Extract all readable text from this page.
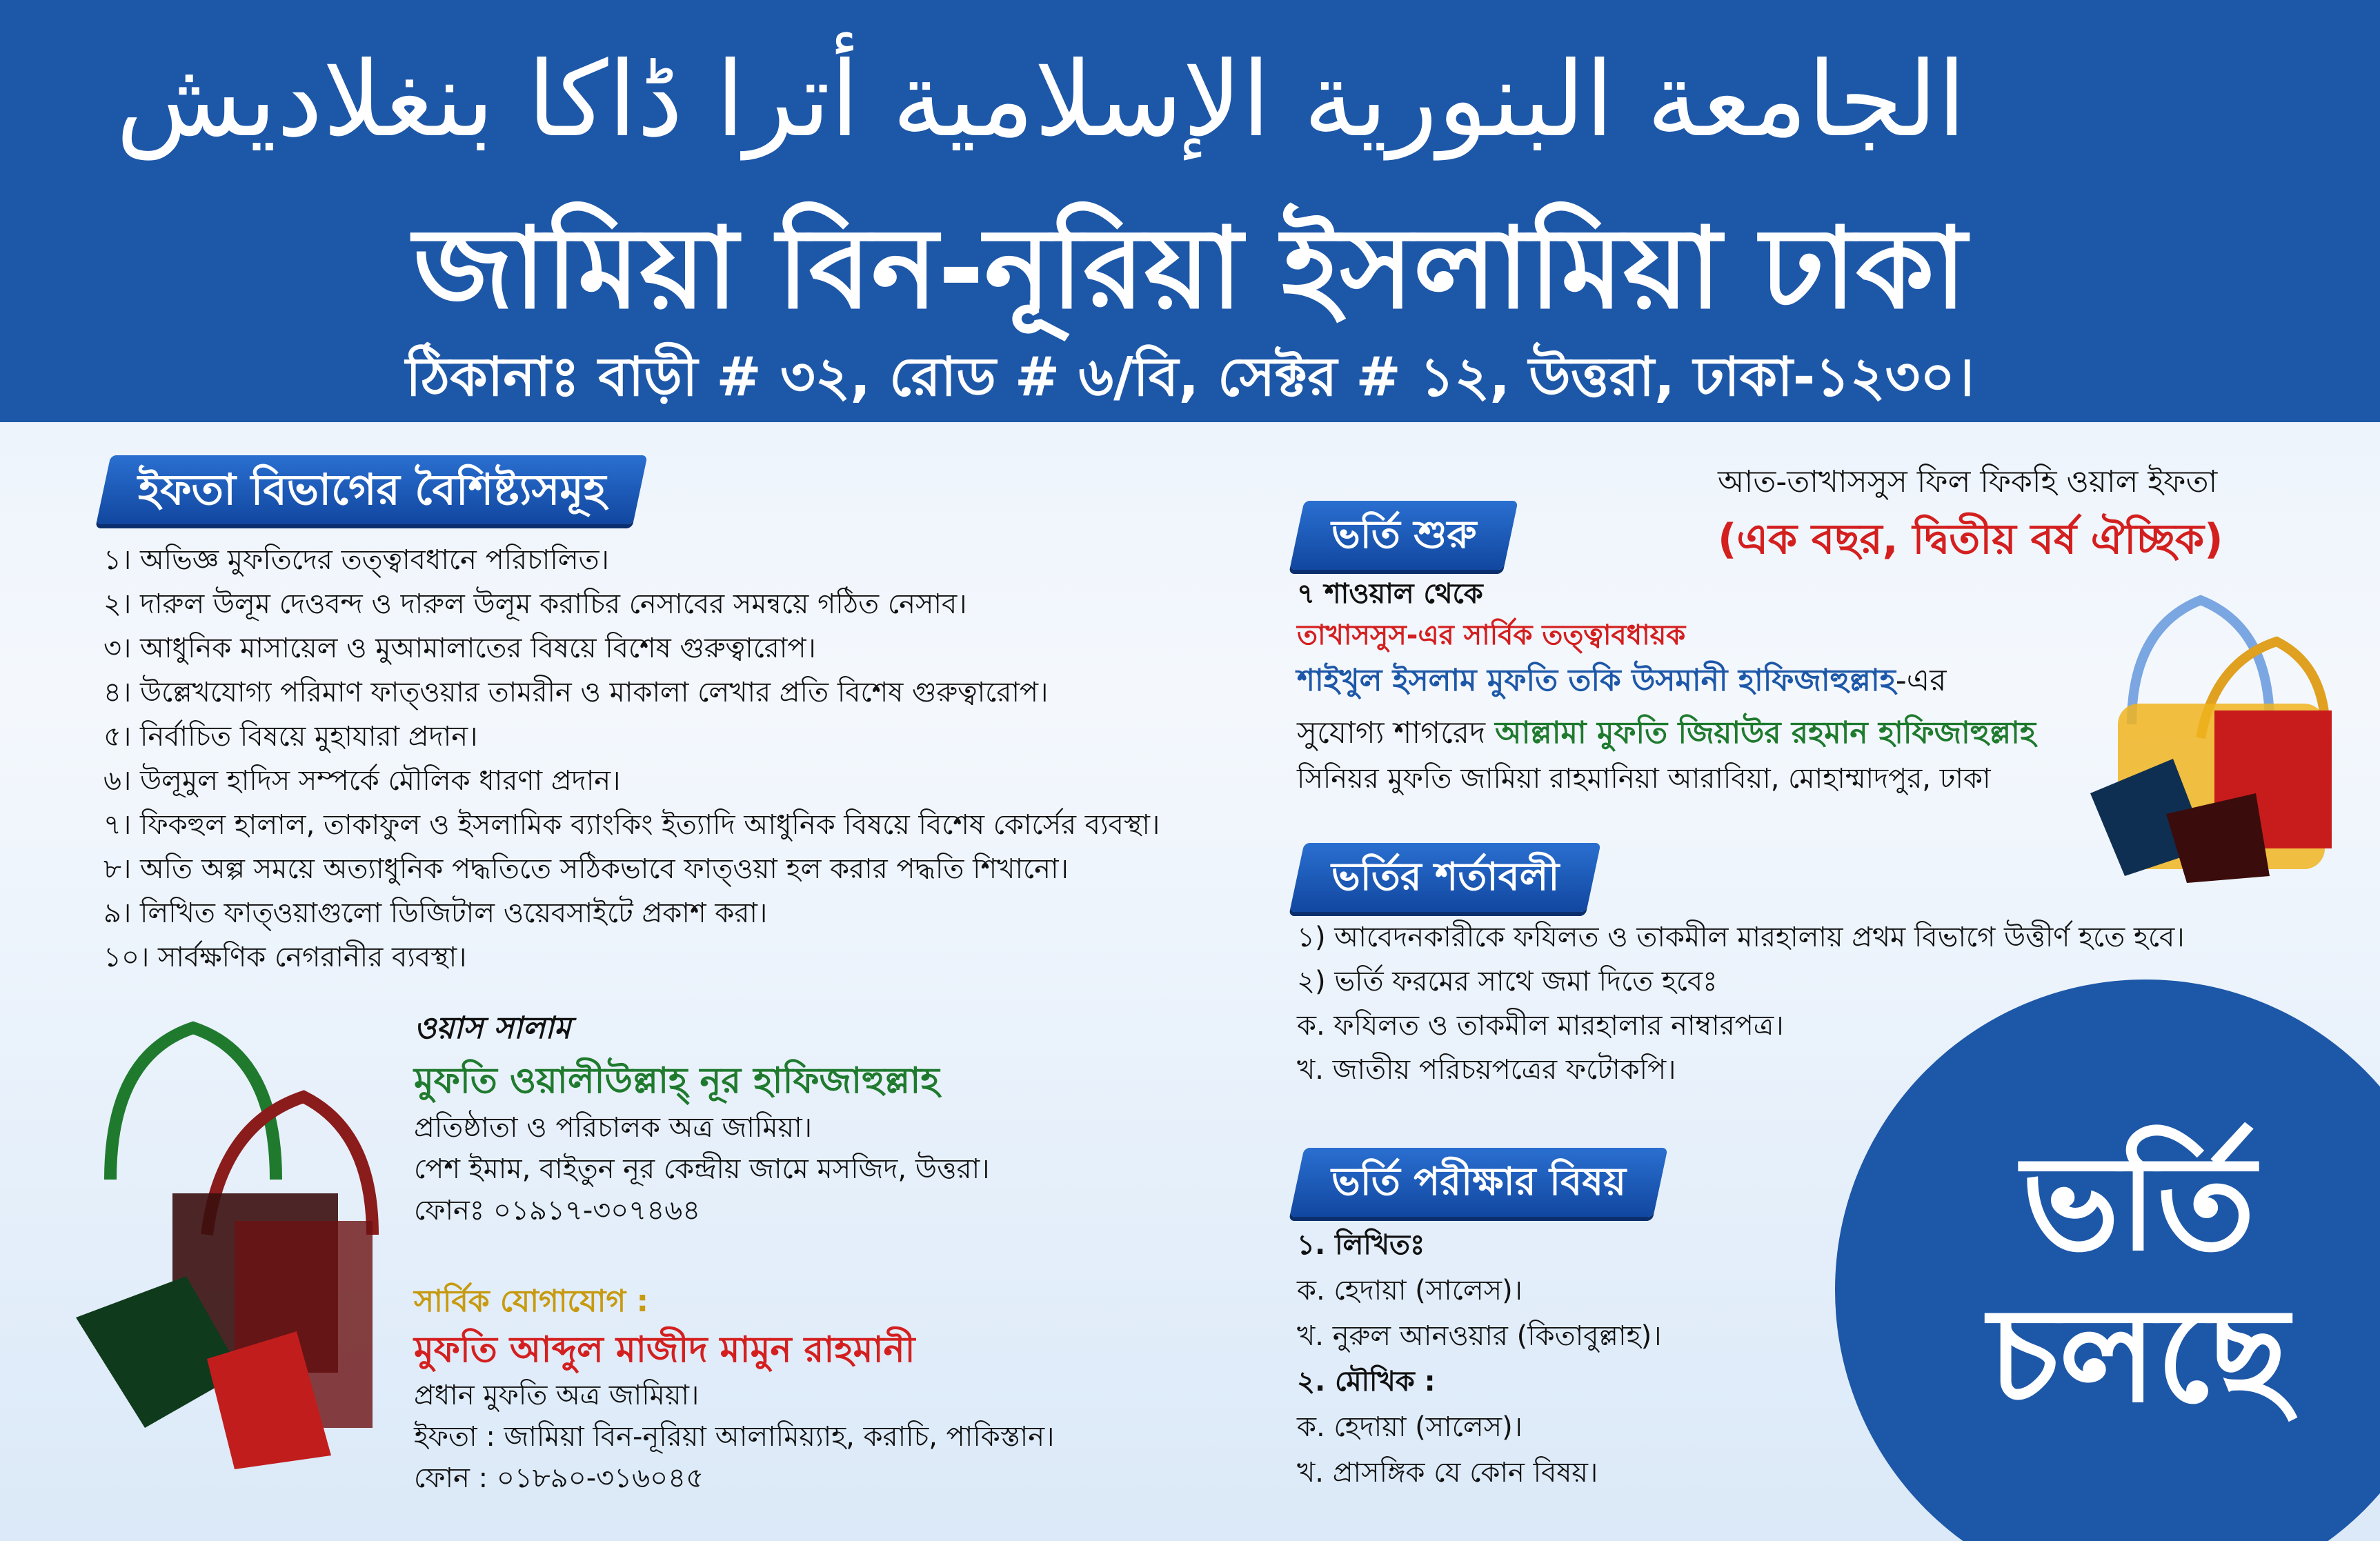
الجامعة البنورية الإسلامية أترا ڈاکا بنغلادیش
জামিয়া বিন-নূরিয়া ইসলামিয়া ঢাকা
ঠিকানাঃ বাড়ী # ৩২, রোড # ৬/বি, সেক্টর # ১২, উত্তরা, ঢাকা-১২৩০।
ইফতা বিভাগের বৈশিষ্ট্যসমূহ
১। অভিজ্ঞ মুফতিদের তত্ত্বাবধানে পরিচালিত।
২। দারুল উলূম দেওবন্দ ও দারুল উলূম করাচির নেসাবের সমন্বয়ে গঠিত নেসাব।
৩। আধুনিক মাসায়েল ও মুআমালাতের বিষয়ে বিশেষ গুরুত্বারোপ।
৪। উল্লেখযোগ্য পরিমাণ ফাত্ওয়ার তামরীন ও মাকালা লেখার প্রতি বিশেষ গুরুত্বারোপ।
৫। নির্বাচিত বিষয়ে মুহাযারা প্রদান।
৬। উলূমুল হাদিস সম্পর্কে মৌলিক ধারণা প্রদান।
৭। ফিকহুল হালাল, তাকাফুল ও ইসলামিক ব্যাংকিং ইত্যাদি আধুনিক বিষয়ে বিশেষ কোর্সের ব্যবস্থা।
৮। অতি অল্প সময়ে অত্যাধুনিক পদ্ধতিতে সঠিকভাবে ফাত্ওয়া হল করার পদ্ধতি শিখানো।
৯। লিখিত ফাত্ওয়াগুলো ডিজিটাল ওয়েবসাইটে প্রকাশ করা।
১০। সার্বক্ষণিক নেগরানীর ব্যবস্থা।
ওয়াস সালাম
মুফতি ওয়ালীউল্লাহ্ নূর হাফিজাহুল্লাহ
প্রতিষ্ঠাতা ও পরিচালক অত্র জামিয়া।
পেশ ইমাম, বাইতুন নূর কেন্দ্রীয় জামে মসজিদ, উত্তরা।
ফোনঃ ০১৯১৭-৩০৭৪৬৪
সার্বিক যোগাযোগ :
মুফতি আব্দুল মাজীদ মামুন রাহমানী
প্রধান মুফতি অত্র জামিয়া।
ইফতা : জামিয়া বিন-নূরিয়া আলামিয়্যাহ, করাচি, পাকিস্তান।
ফোন : ০১৮৯০-৩১৬০৪৫
আত-তাখাসসুস ফিল ফিকহি ওয়াল ইফতা
(এক বছর, দ্বিতীয় বর্ষ ঐচ্ছিক)
ভর্তি শুরু
৭ শাওয়াল থেকে
তাখাসসুস-এর সার্বিক তত্ত্বাবধায়ক
শাইখুল ইসলাম মুফতি তকি উসমানী হাফিজাহুল্লাহ-এর
সুযোগ্য শাগরেদ আল্লামা মুফতি জিয়াউর রহমান হাফিজাহুল্লাহ
সিনিয়র মুফতি জামিয়া রাহমানিয়া আরাবিয়া, মোহাম্মাদপুর, ঢাকা
ভর্তির শর্তাবলী
১) আবেদনকারীকে ফযিলত ও তাকমীল মারহালায় প্রথম বিভাগে উত্তীর্ণ হতে হবে।
২) ভর্তি ফরমের সাথে জমা দিতে হবেঃ
ক. ফযিলত ও তাকমীল মারহালার নাম্বারপত্র।
খ. জাতীয় পরিচয়পত্রের ফটোকপি।
ভর্তি
চলছে
ভর্তি পরীক্ষার বিষয়
১. লিখিতঃ
ক. হেদায়া (সালেস)।
খ. নুরুল আনওয়ার (কিতাবুল্লাহ)।
২. মৌখিক :
ক. হেদায়া (সালেস)।
খ. প্রাসঙ্গিক যে কোন বিষয়।
